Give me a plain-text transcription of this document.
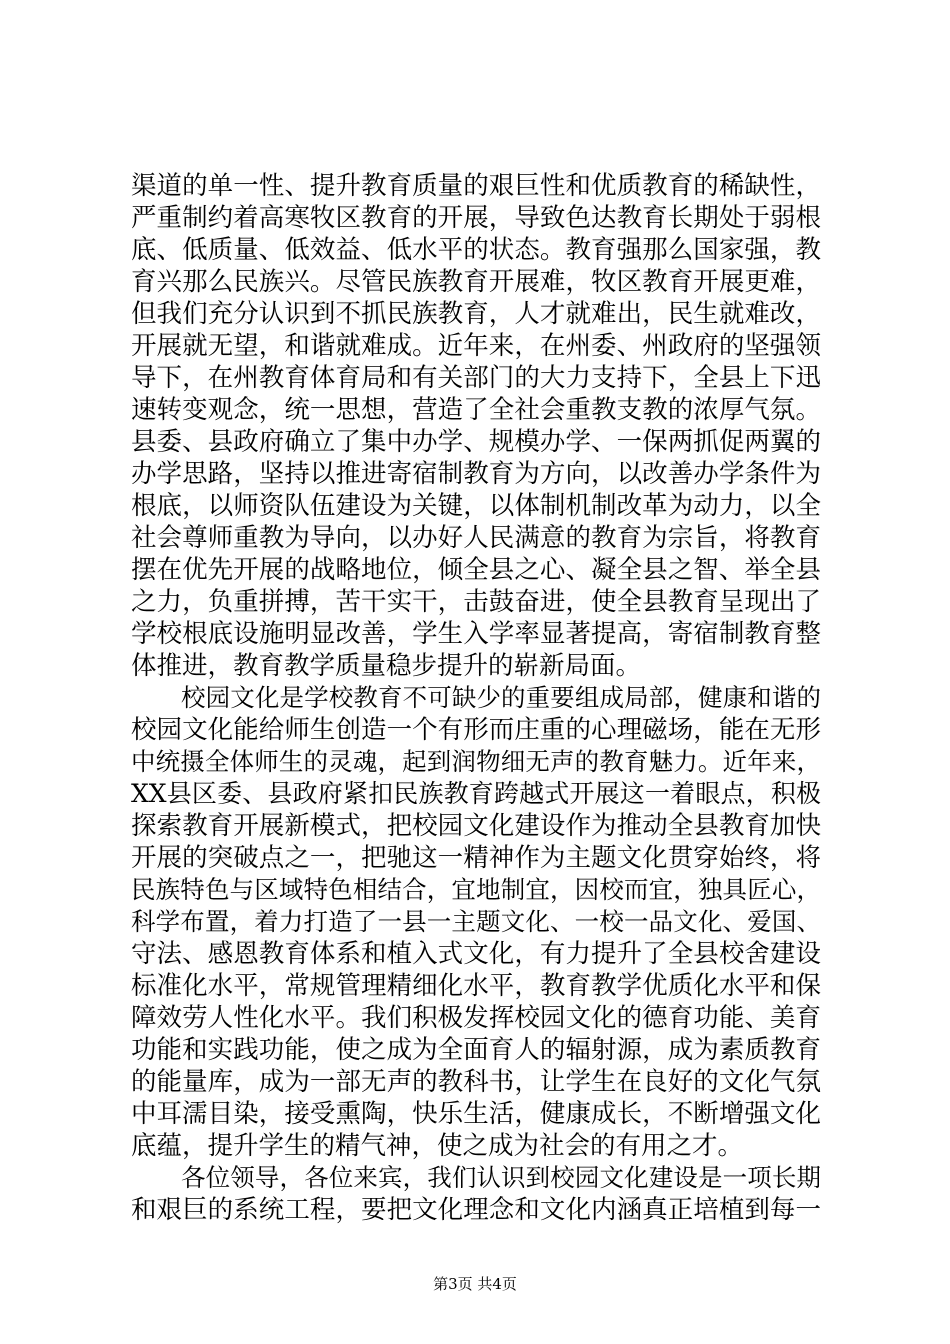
渠道的单一性、提升教育质量的艰巨性和优质教育的稀缺性，
严重制约着高寒牧区教育的开展，导致色达教育长期处于弱根
底、低质量、低效益、低水平的状态。教育强那么国家强，教
育兴那么民族兴。尽管民族教育开展难，牧区教育开展更难，
但我们充分认识到不抓民族教育，人才就难出，民生就难改，
开展就无望，和谐就难成。近年来，在州委、州政府的坚强领
导下，在州教育体育局和有关部门的大力支持下，全县上下迅
速转变观念，统一思想，营造了全社会重教支教的浓厚气氛。
县委、县政府确立了集中办学、规模办学、一保两抓促两翼的
办学思路，坚持以推进寄宿制教育为方向，以改善办学条件为
根底，以师资队伍建设为关键，以体制机制改革为动力，以全
社会尊师重教为导向，以办好人民满意的教育为宗旨，将教育
摆在优先开展的战略地位，倾全县之心、凝全县之智、举全县
之力，负重拼搏，苦干实干，击鼓奋进，使全县教育呈现出了
学校根底设施明显改善，学生入学率显著提高，寄宿制教育整
体推进，教育教学质量稳步提升的崭新局面。
校园文化是学校教育不可缺少的重要组成局部，健康和谐的
校园文化能给师生创造一个有形而庄重的心理磁场，能在无形
中统摄全体师生的灵魂，起到润物细无声的教育魅力。近年来，
XX县区委、县政府紧扣民族教育跨越式开展这一着眼点，积极
探索教育开展新模式，把校园文化建设作为推动全县教育加快
开展的突破点之一，把驰这一精神作为主题文化贯穿始终，将
民族特色与区域特色相结合，宜地制宜，因校而宜，独具匠心，
科学布置，着力打造了一县一主题文化、一校一品文化、爱国、
守法、感恩教育体系和植入式文化，有力提升了全县校舍建设
标准化水平，常规管理精细化水平，教育教学优质化水平和保
障效劳人性化水平。我们积极发挥校园文化的德育功能、美育
功能和实践功能，使之成为全面育人的辐射源，成为素质教育
的能量库，成为一部无声的教科书，让学生在良好的文化气氛
中耳濡目染，接受熏陶，快乐生活，健康成长，不断增强文化
底蕴，提升学生的精气神，使之成为社会的有用之才。
各位领导，各位来宾，我们认识到校园文化建设是一项长期
和艰巨的系统工程，要把文化理念和文化内涵真正培植到每一
第3页 共4页
